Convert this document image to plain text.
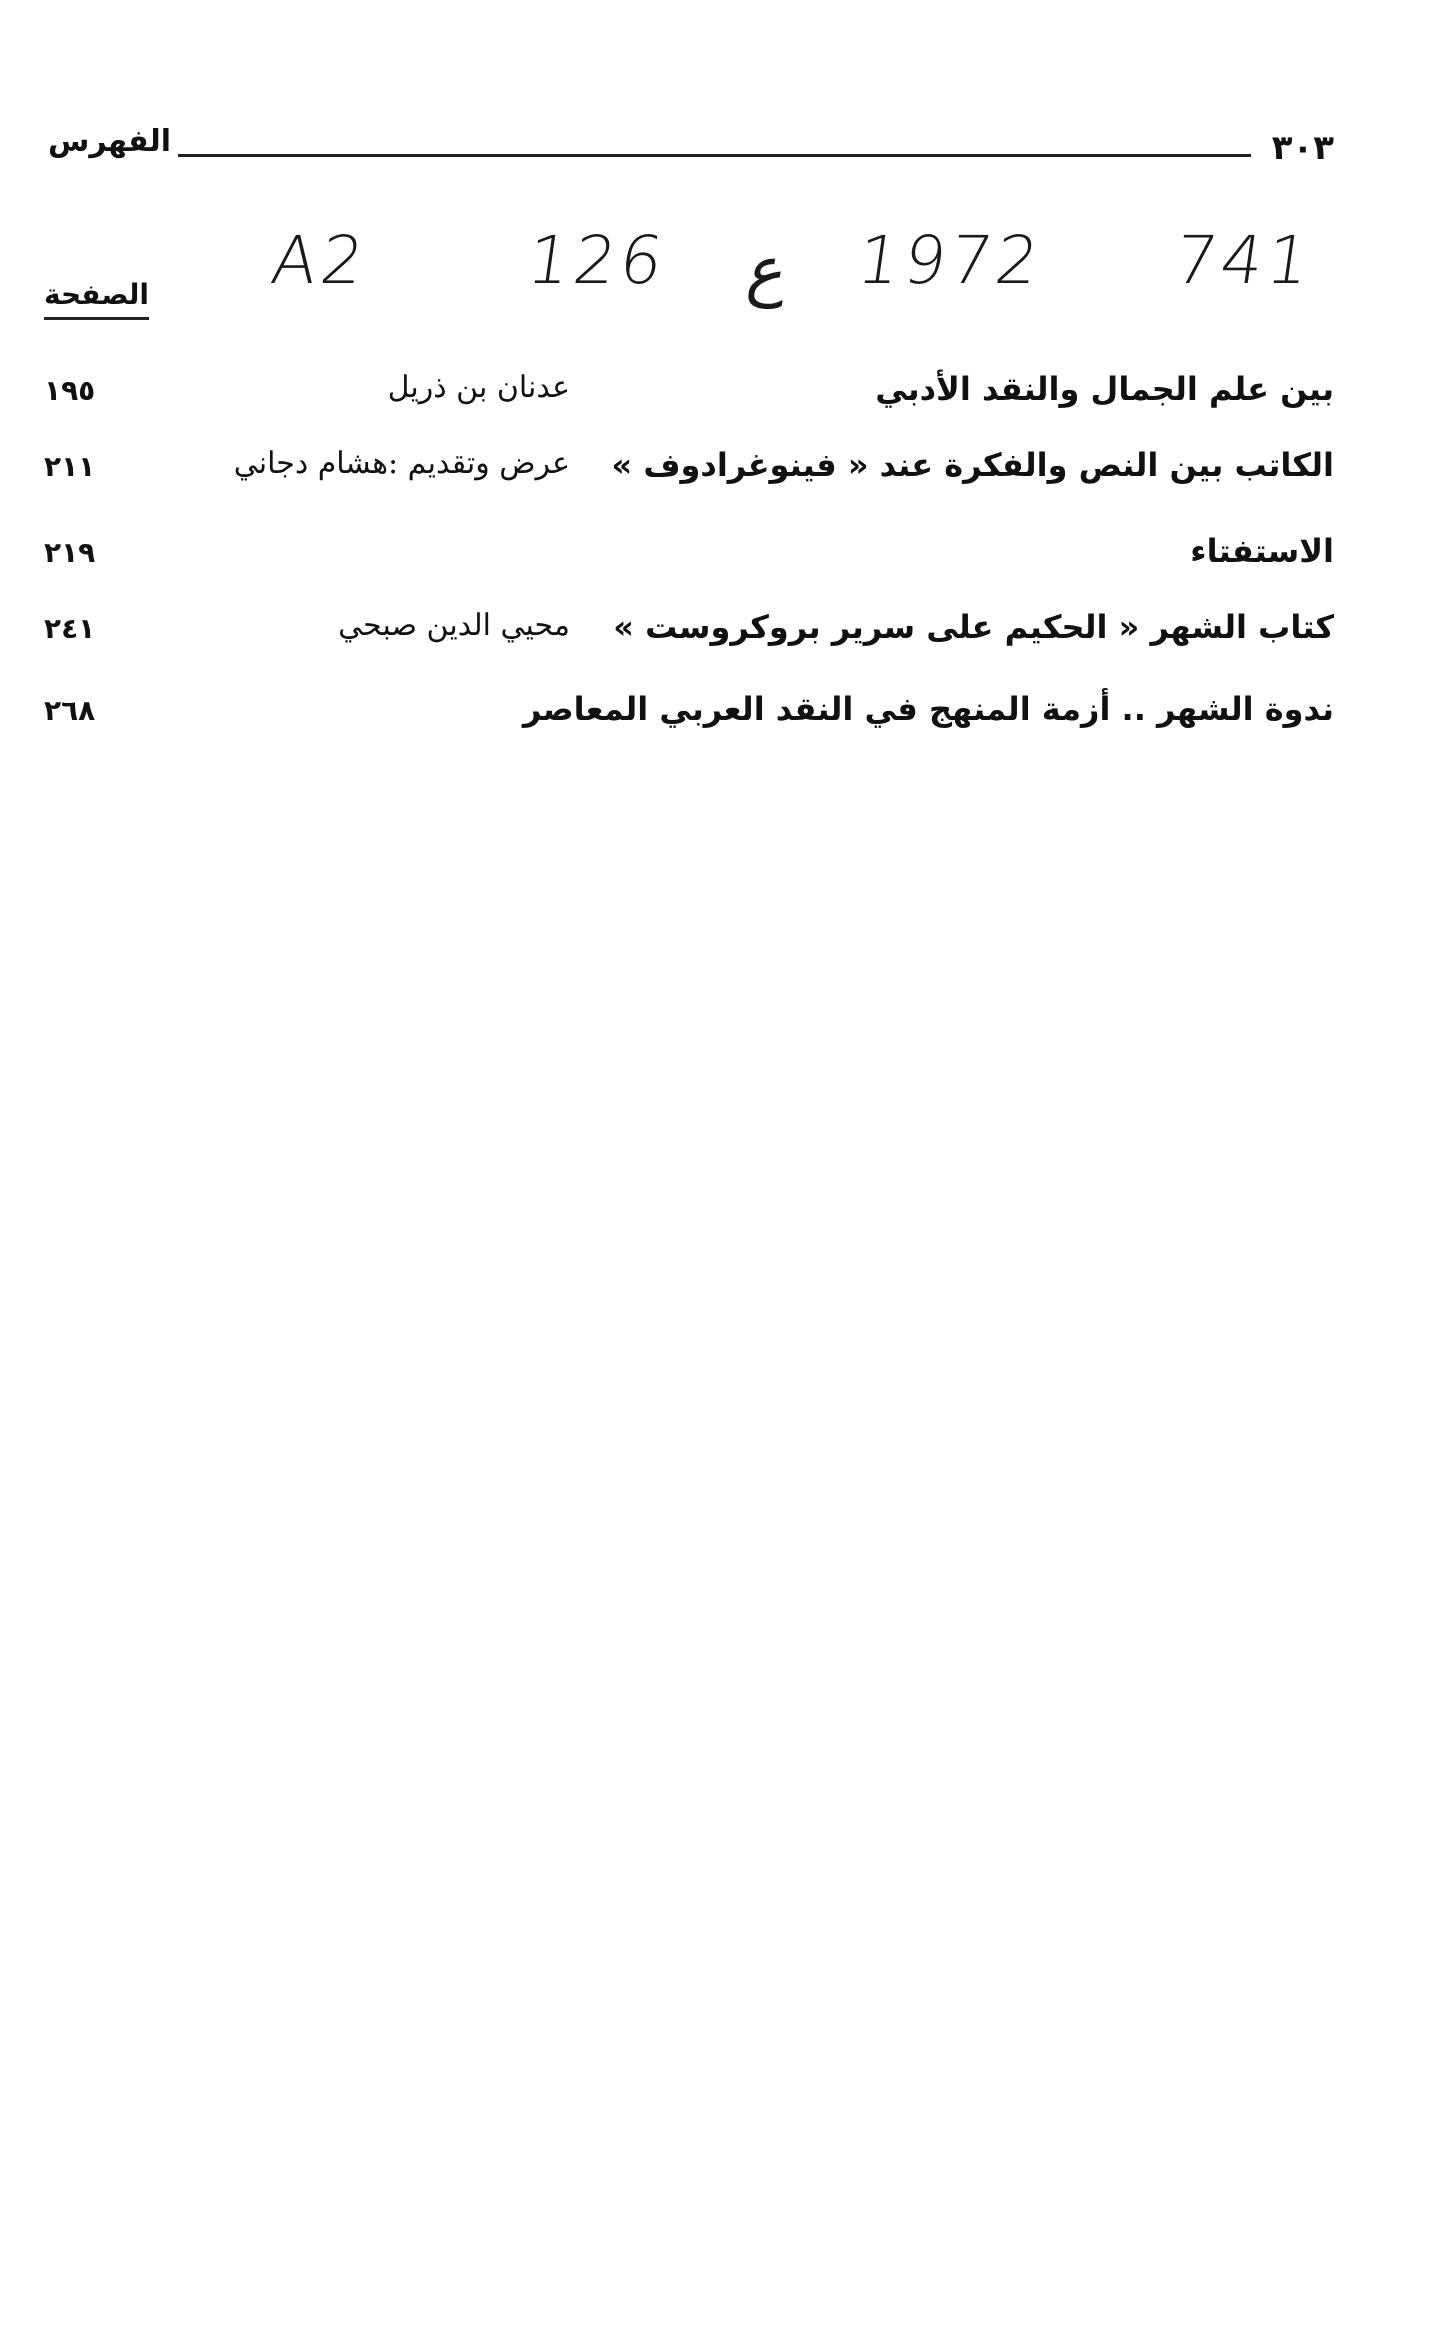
٣٠٣
الفهرس
A2 126 ع 1972 741
الصفحة
بين علم الجمال والنقد الأدبي
عدنان بن ذريل
١٩٥
الكاتب بين النص والفكرة عند « فينوغرادوف »
عرض وتقديم :هشام دجاني
٢١١
الاستفتاء
٢١٩
كتاب الشهر « الحكيم على سرير بروكروست »
محيي الدين صبحي
٢٤١
ندوة الشهر .. أزمة المنهج في النقد العربي المعاصر
٢٦٨
